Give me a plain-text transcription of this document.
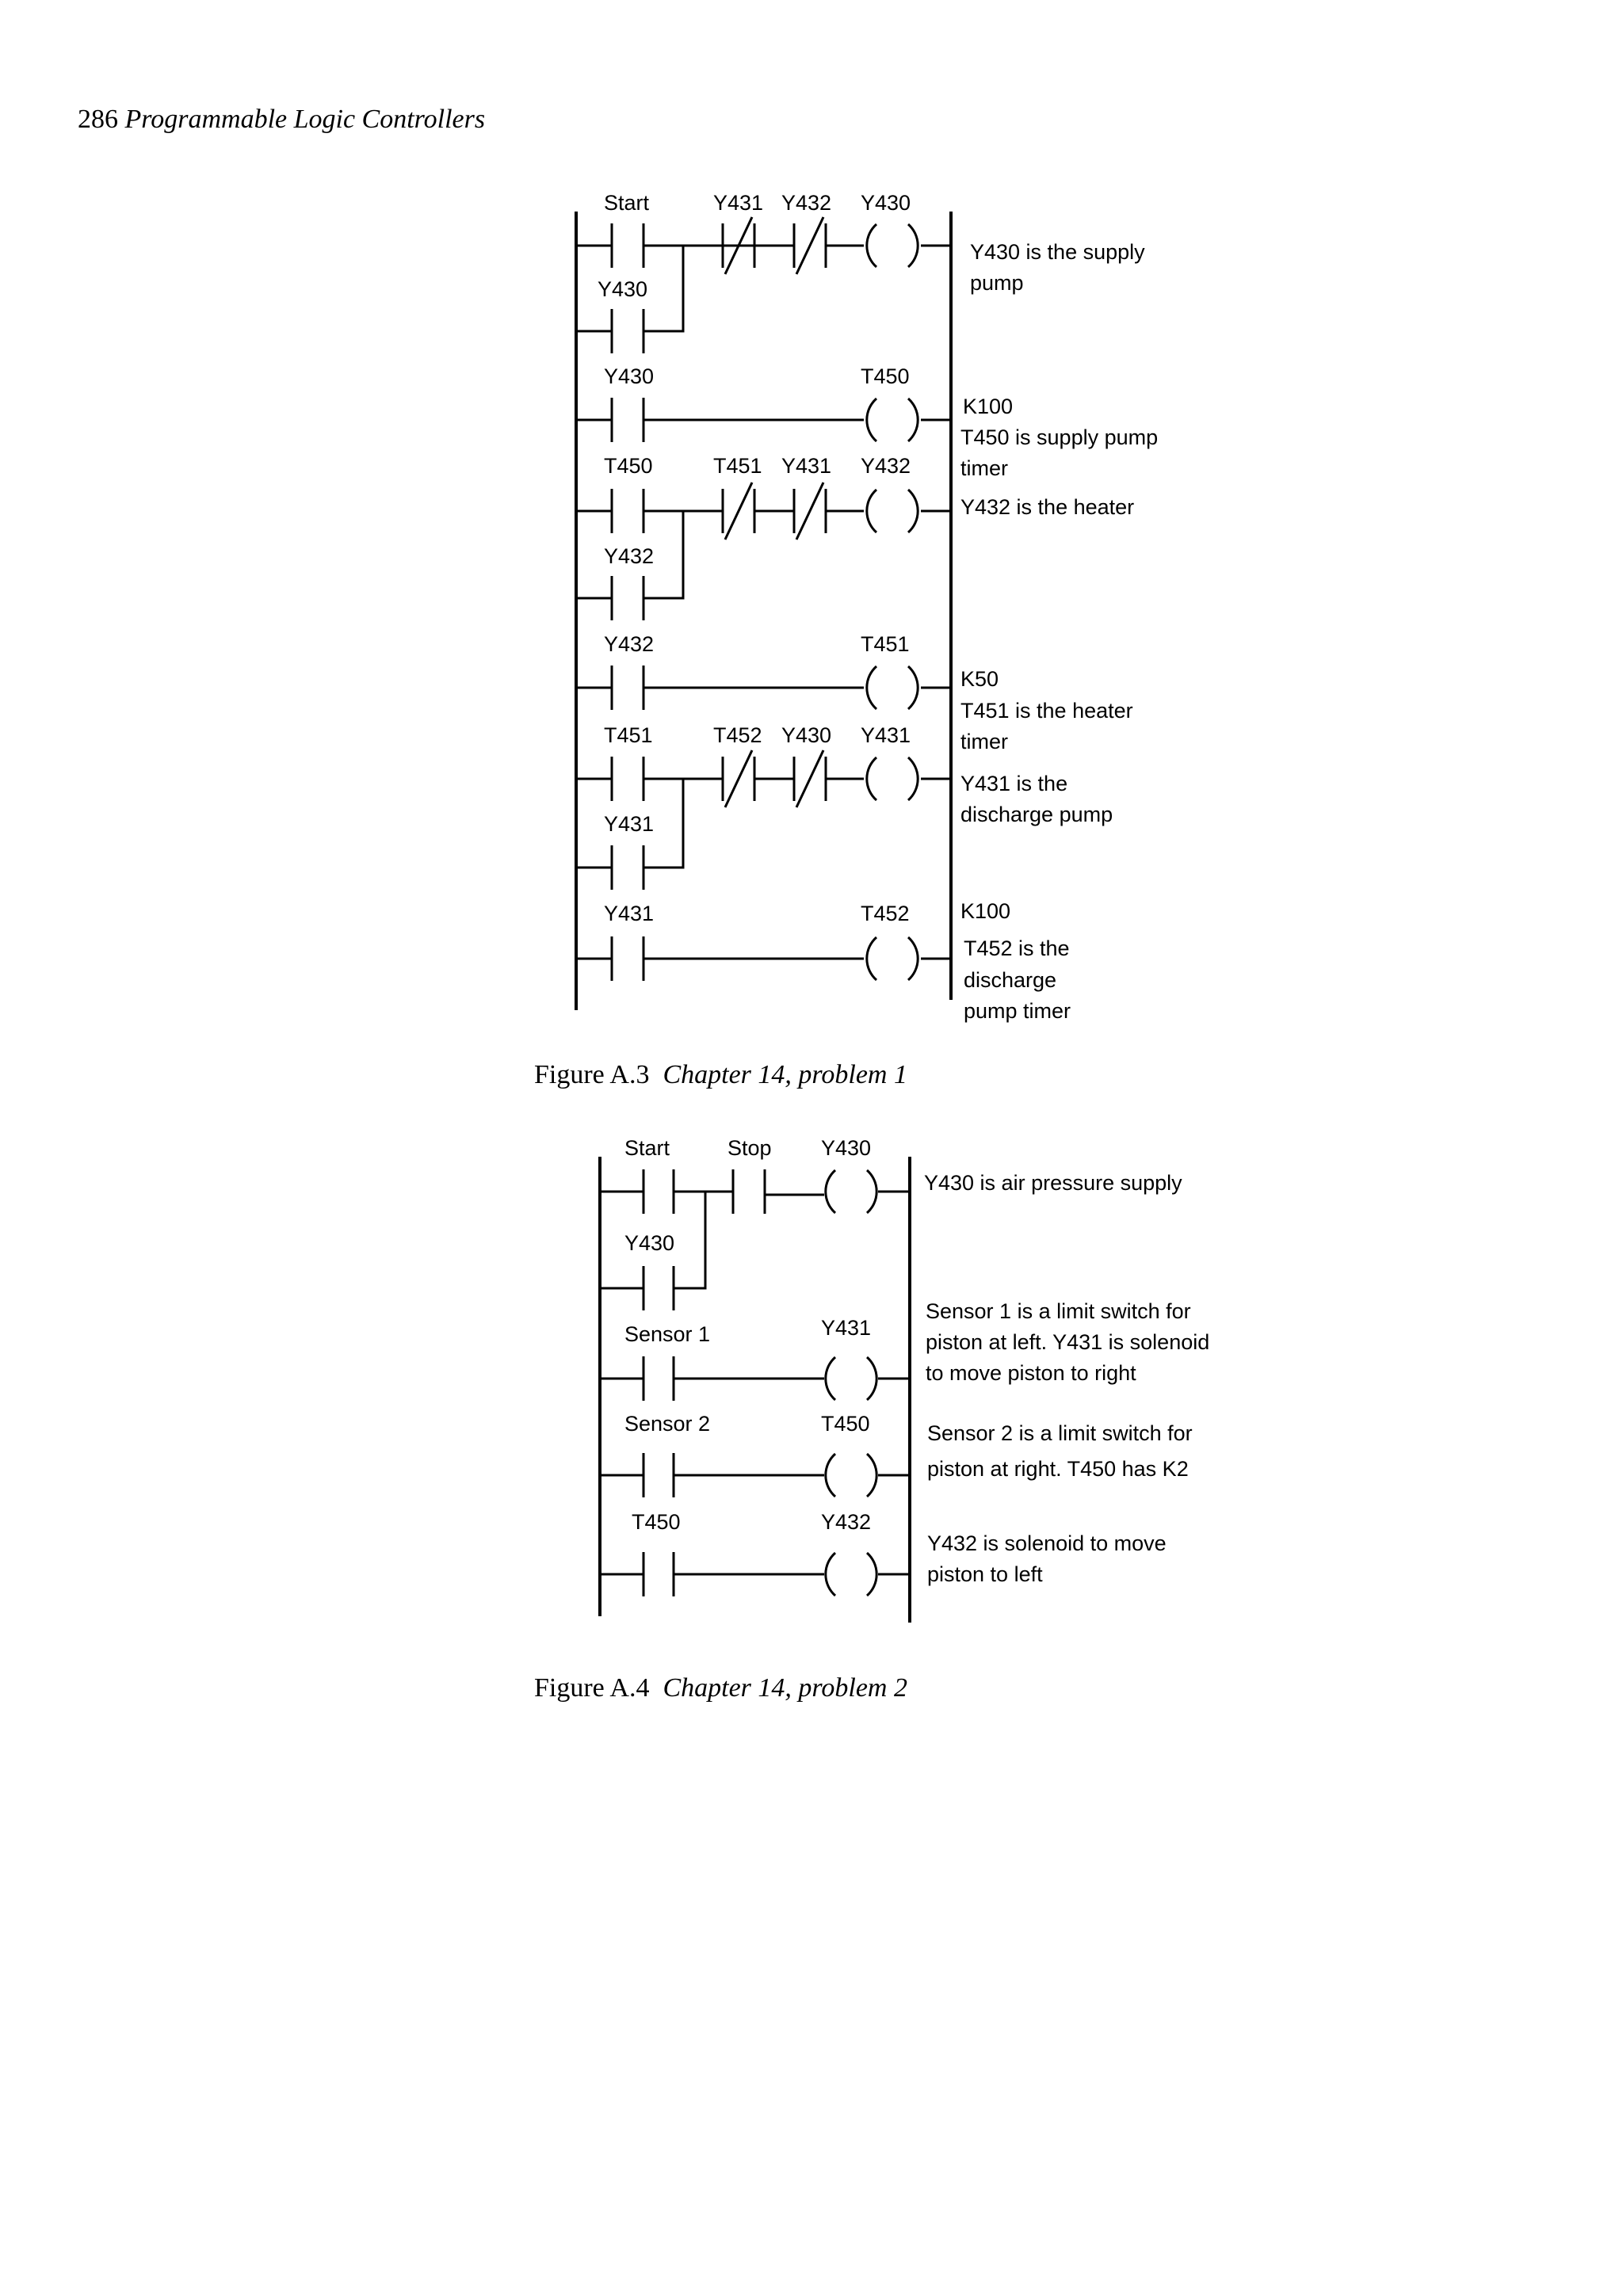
286 Programmable Logic Controllers
Start	Y431 Y432 Y430
Y430
Y430	T450
T450	T451 Y431 Y432
Y432
Y432	T451
T451	T452 Y430 Y431
Y431
Y431	T452
Y430 is the supply
pump
K100
T450 is supply pump
timer
Y432 is the heater
K50
T451 is the heater
timer
Y431 is the
discharge pump
K100
T452 is the
discharge
pump timer
Start	Stop Y430
Y430
Sensor 1	Y431
Sensor 2	T450
T450	Y432
Y430 is air pressure supply
Sensor 1 is a limit switch for
piston at left. Y431 is solenoid
to move piston to right
Sensor 2 is a limit switch for
piston at right. T450 has K2
Y432 is solenoid to move
piston to left
Figure A.3 Chapter 14, problem 1
Figure A.4 Chapter 14, problem 2
